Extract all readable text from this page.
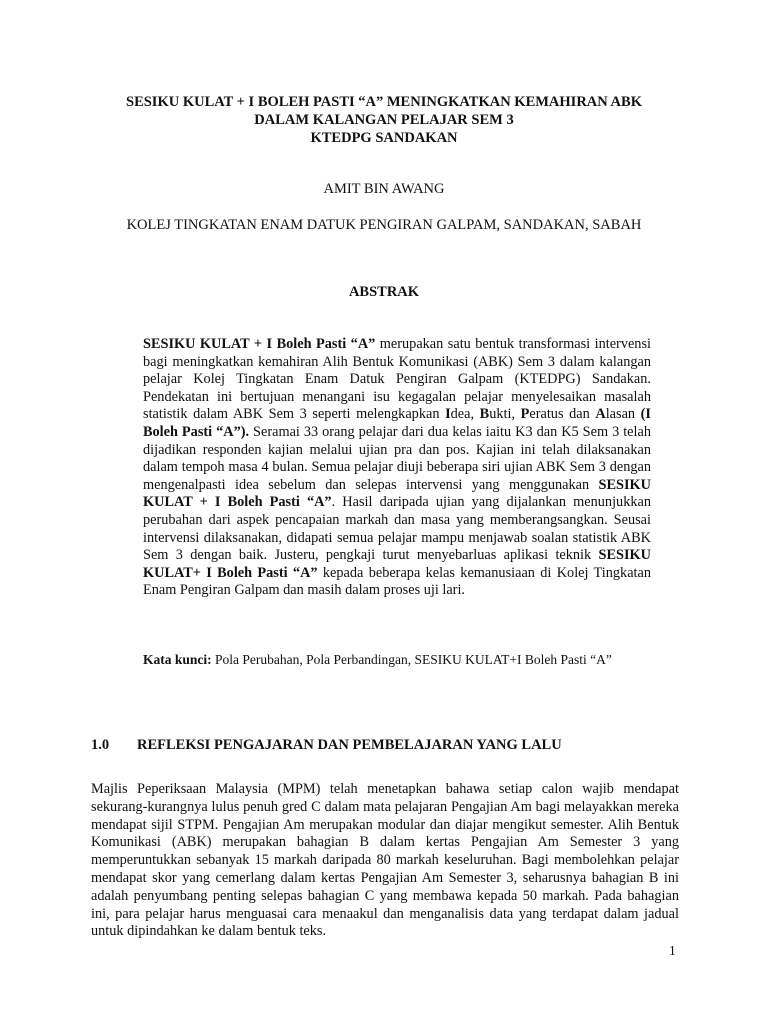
SESIKU KULAT + I BOLEH PASTI “A” MENINGKATKAN KEMAHIRAN ABK
DALAM KALANGAN PELAJAR SEM 3
KTEDPG SANDAKAN
AMIT BIN AWANG
KOLEJ TINGKATAN ENAM DATUK PENGIRAN GALPAM, SANDAKAN, SABAH
ABSTRAK
SESIKU KULAT + I Boleh Pasti “A” merupakan satu bentuk transformasi intervensi bagi meningkatkan kemahiran Alih Bentuk Komunikasi (ABK) Sem 3 dalam kalangan pelajar Kolej Tingkatan Enam Datuk Pengiran Galpam (KTEDPG) Sandakan. Pendekatan ini bertujuan menangani isu kegagalan pelajar menyelesaikan masalah statistik dalam ABK Sem 3 seperti melengkapkan Idea, Bukti, Peratus dan Alasan (I Boleh Pasti “A”). Seramai 33 orang pelajar dari dua kelas iaitu K3 dan K5 Sem 3 telah dijadikan responden kajian melalui ujian pra dan pos. Kajian ini telah dilaksanakan dalam tempoh masa 4 bulan. Semua pelajar diuji beberapa siri ujian ABK Sem 3 dengan mengenalpasti idea sebelum dan selepas intervensi yang menggunakan SESIKU KULAT + I Boleh Pasti “A”. Hasil daripada ujian yang dijalankan menunjukkan perubahan dari aspek pencapaian markah dan masa yang memberangsangkan. Seusai intervensi dilaksanakan, didapati semua pelajar mampu menjawab soalan statistik ABK Sem 3 dengan baik. Justeru, pengkaji turut menyebarluas aplikasi teknik SESIKU KULAT+ I Boleh Pasti “A” kepada beberapa kelas kemanusiaan di Kolej Tingkatan Enam Pengiran Galpam dan masih dalam proses uji lari.
Kata kunci: Pola Perubahan, Pola Perbandingan, SESIKU KULAT+I Boleh Pasti “A”
1.0 REFLEKSI PENGAJARAN DAN PEMBELAJARAN YANG LALU
Majlis Peperiksaan Malaysia (MPM) telah menetapkan bahawa setiap calon wajib mendapat sekurang-kurangnya lulus penuh gred C dalam mata pelajaran Pengajian Am bagi melayakkan mereka mendapat sijil STPM. Pengajian Am merupakan modular dan diajar mengikut semester. Alih Bentuk Komunikasi (ABK) merupakan bahagian B dalam kertas Pengajian Am Semester 3 yang memperuntukkan sebanyak 15 markah daripada 80 markah keseluruhan. Bagi membolehkan pelajar mendapat skor yang cemerlang dalam kertas Pengajian Am Semester 3, seharusnya bahagian B ini adalah penyumbang penting selepas bahagian C yang membawa kepada 50 markah. Pada bahagian ini, para pelajar harus menguasai cara menaakul dan menganalisis data yang terdapat dalam jadual untuk dipindahkan ke dalam bentuk teks.
1
